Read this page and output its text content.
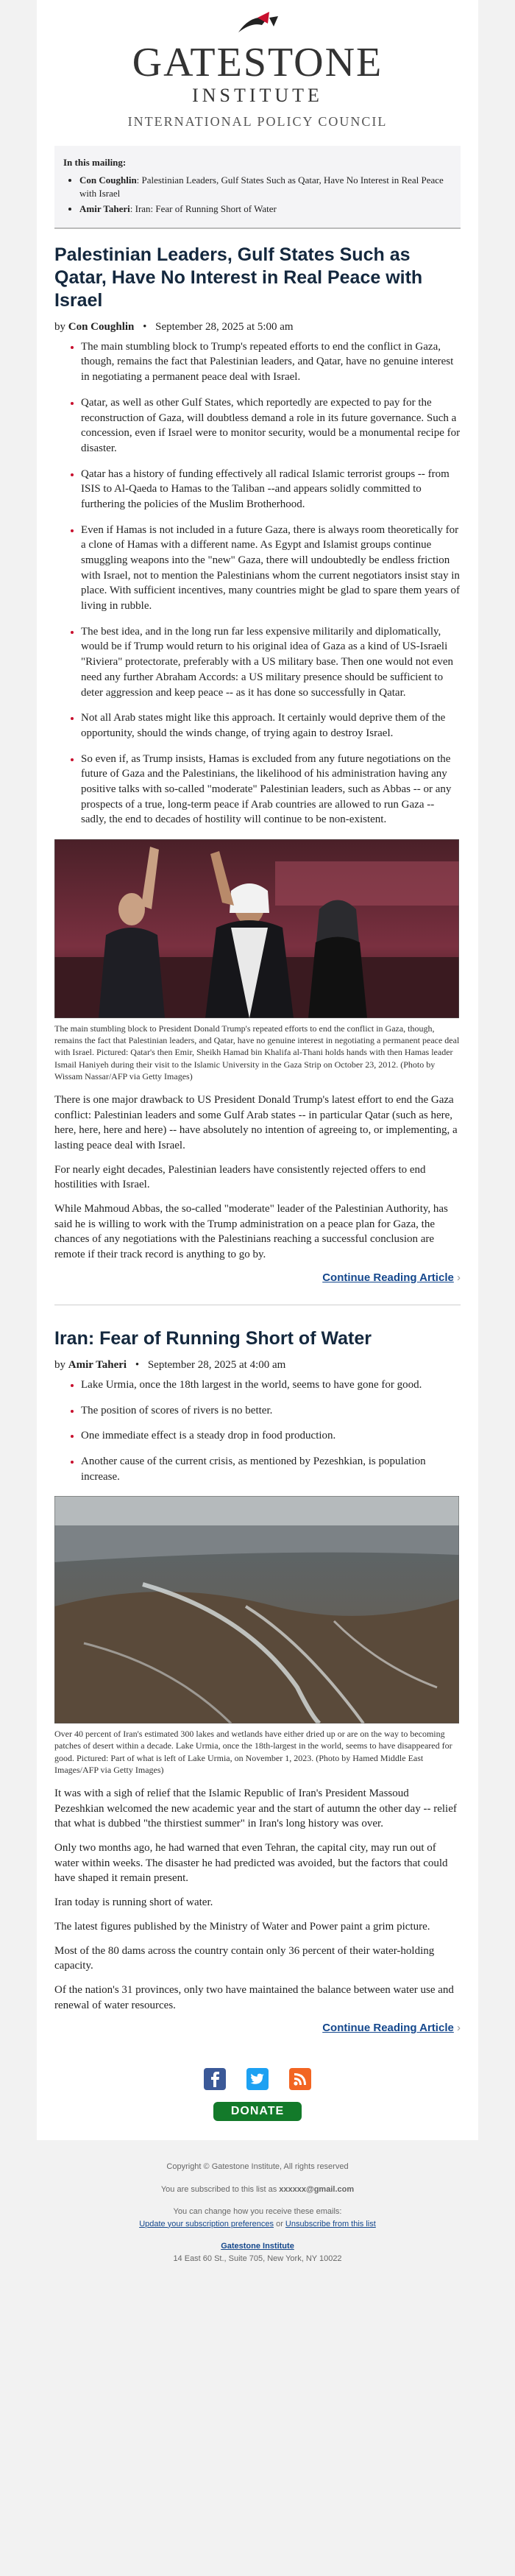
GATESTONE
INSTITUTE
INTERNATIONAL POLICY COUNCIL
In this mailing:
• Con Coughlin: Palestinian Leaders, Gulf States Such as Qatar, Have No Interest in Real Peace with Israel
• Amir Taheri: Iran: Fear of Running Short of Water
Palestinian Leaders, Gulf States Such as Qatar, Have No Interest in Real Peace with Israel
by Con Coughlin • September 28, 2025 at 5:00 am
• The main stumbling block to Trump's repeated efforts to end the conflict in Gaza, though, remains the fact that Palestinian leaders, and Qatar, have no genuine interest in negotiating a permanent peace deal with Israel.
• Qatar, as well as other Gulf States, which reportedly are expected to pay for the reconstruction of Gaza, will doubtless demand a role in its future governance. Such a concession, even if Israel were to monitor security, would be a monumental recipe for disaster.
• Qatar has a history of funding effectively all radical Islamic terrorist groups -- from ISIS to Al-Qaeda to Hamas to the Taliban --and appears solidly committed to furthering the policies of the Muslim Brotherhood.
• Even if Hamas is not included in a future Gaza, there is always room theoretically for a clone of Hamas with a different name. As Egypt and Islamist groups continue smuggling weapons into the "new" Gaza, there will undoubtedly be endless friction with Israel, not to mention the Palestinians whom the current negotiators insist stay in place. With sufficient incentives, many countries might be glad to spare them years of living in rubble.
• The best idea, and in the long run far less expensive militarily and diplomatically, would be if Trump would return to his original idea of Gaza as a kind of US-Israeli "Riviera" protectorate, preferably with a US military base. Then one would not even need any further Abraham Accords: a US military presence should be sufficient to deter aggression and keep peace -- as it has done so successfully in Qatar.
• Not all Arab states might like this approach. It certainly would deprive them of the opportunity, should the winds change, of trying again to destroy Israel.
• So even if, as Trump insists, Hamas is excluded from any future negotiations on the future of Gaza and the Palestinians, the likelihood of his administration having any positive talks with so-called "moderate" Palestinian leaders, such as Abbas -- or any prospects of a true, long-term peace if Arab countries are allowed to run Gaza -- sadly, the end to decades of hostility will continue to be non-existent.
The main stumbling block to President Donald Trump's repeated efforts to end the conflict in Gaza, though, remains the fact that Palestinian leaders, and Qatar, have no genuine interest in negotiating a permanent peace deal with Israel. Pictured: Qatar's then Emir, Sheikh Hamad bin Khalifa al-Thani holds hands with then Hamas leader Ismail Haniyeh during their visit to the Islamic University in the Gaza Strip on October 23, 2012. (Photo by Wissam Nassar/AFP via Getty Images)

There is one major drawback to US President Donald Trump's latest effort to end the Gaza conflict: Palestinian leaders and some Gulf Arab states -- in particular Qatar (such as here, here, here, here and here) -- have absolutely no intention of agreeing to, or implementing, a lasting peace deal with Israel.

For nearly eight decades, Palestinian leaders have consistently rejected offers to end hostilities with Israel.

While Mahmoud Abbas, the so-called "moderate" leader of the Palestinian Authority, has said he is willing to work with the Trump administration on a peace plan for Gaza, the chances of any negotiations with the Palestinians reaching a successful conclusion are remote if their track record is anything to go by.

Continue Reading Article ›
Iran: Fear of Running Short of Water
by Amir Taheri • September 28, 2025 at 4:00 am
• Lake Urmia, once the 18th largest in the world, seems to have gone for good.
• The position of scores of rivers is no better.
• One immediate effect is a steady drop in food production.
• Another cause of the current crisis, as mentioned by Pezeshkian, is population increase.
Over 40 percent of Iran's estimated 300 lakes and wetlands have either dried up or are on the way to becoming patches of desert within a decade. Lake Urmia, once the 18th-largest in the world, seems to have disappeared for good. Pictured: Part of what is left of Lake Urmia, on November 1, 2023. (Photo by Hamed Middle East Images/AFP via Getty Images)

It was with a sigh of relief that the Islamic Republic of Iran's President Massoud Pezeshkian welcomed the new academic year and the start of autumn the other day -- relief that what is dubbed "the thirstiest summer" in Iran's long history was over.

Only two months ago, he had warned that even Tehran, the capital city, may run out of water within weeks. The disaster he had predicted was avoided, but the factors that could have shaped it remain present.

Iran today is running short of water.

The latest figures published by the Ministry of Water and Power paint a grim picture.

Most of the 80 dams across the country contain only 36 percent of their water-holding capacity.

Of the nation's 31 provinces, only two have maintained the balance between water use and renewal of water resources.

Continue Reading Article ›

DONATE

Copyright © Gatestone Institute, All rights reserved

You are subscribed to this list as xxxxxx@gmail.com

You can change how you receive these emails:
Update your subscription preferences or Unsubscribe from this list

Gatestone Institute
14 East 60 St., Suite 705, New York, NY 10022
